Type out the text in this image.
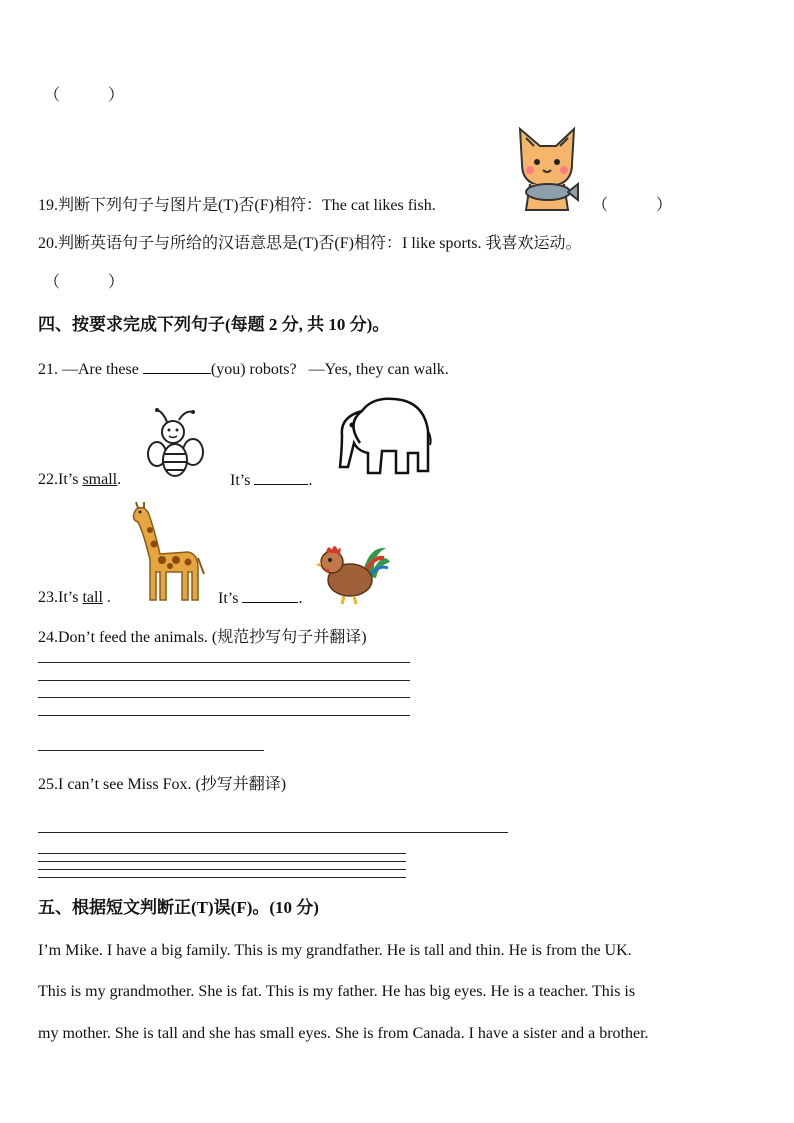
（　　　）
19.判断下列句子与图片是(T)否(F)相符：The cat likes fish.	（　　　）
20.判断英语句子与所给的汉语意思是(T)否(F)相符：I like sports. 我喜欢运动。
（　　　）
四、按要求完成下列句子(每题 2 分, 共 10 分)。
21. —Are these	(you) robots? —Yes, they can walk.
22.It’s small.	It’s	.
23.It’s tall .	It’s	.
24.Don’t feed the animals. (规范抄写句子并翻译)
25.I can’t see Miss Fox. (抄写并翻译)
五、根据短文判断正(T)误(F)。(10 分)
I’m Mike. I have a big family. This is my grandfather. He is tall and thin. He is from the UK.
This is my grandmother. She is fat. This is my father. He has big eyes. He is a teacher. This is
my mother. She is tall and she has small eyes. She is from Canada. I have a sister and a brother.
